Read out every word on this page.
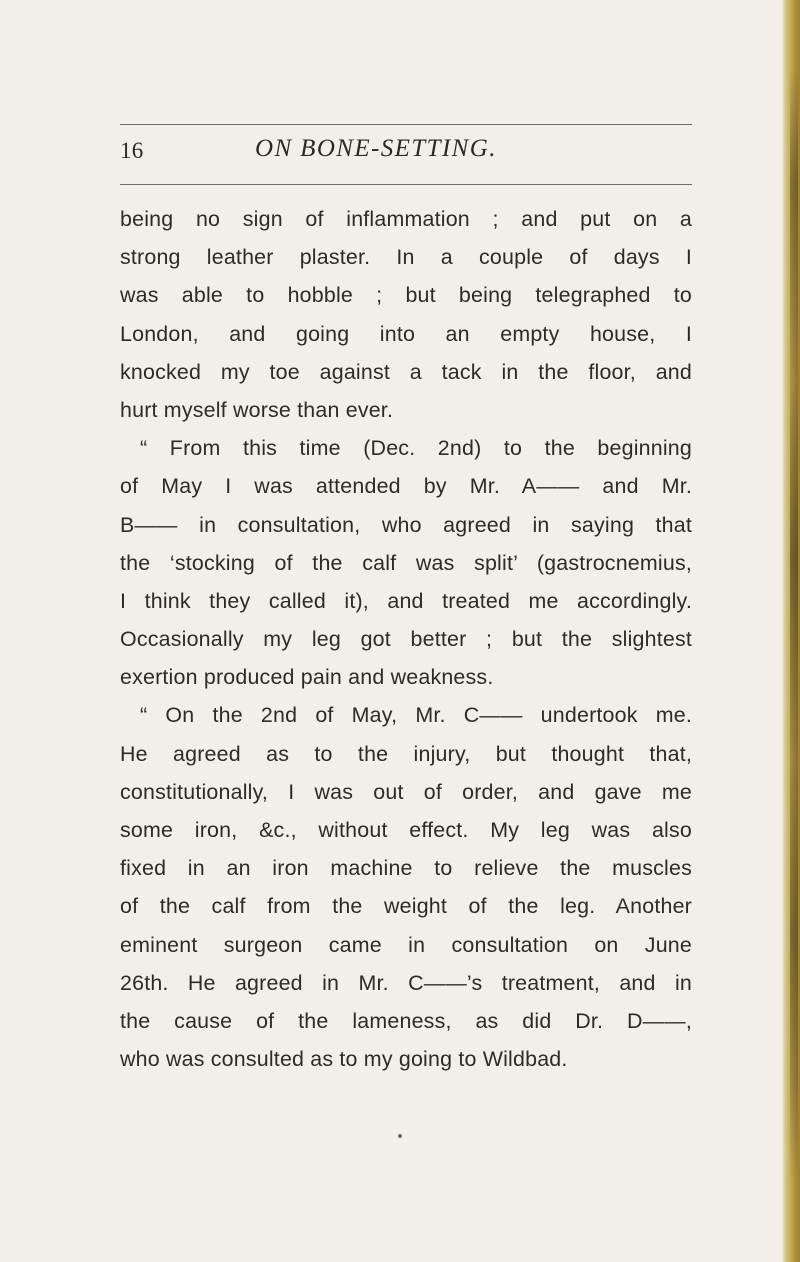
16	ON BONE-SETTING.
being no sign of inflammation ; and put on a
strong leather plaster. In a couple of days I
was able to hobble ; but being telegraphed to
London, and going into an empty house, I
knocked my toe against a tack in the floor, and
hurt myself worse than ever.
“ From this time (Dec. 2nd) to the beginning
of May I was attended by Mr. A—— and Mr.
B—— in consultation, who agreed in saying that
the ‘stocking of the calf was split’ (gastrocnemius,
I think they called it), and treated me accordingly.
Occasionally my leg got better ; but the slightest
exertion produced pain and weakness.
“ On the 2nd of May, Mr. C—— undertook me.
He agreed as to the injury, but thought that,
constitutionally, I was out of order, and gave me
some iron, &c., without effect. My leg was also
fixed in an iron machine to relieve the muscles
of the calf from the weight of the leg. Another
eminent surgeon came in consultation on June
26th. He agreed in Mr. C——’s treatment, and in
the cause of the lameness, as did Dr. D——,
who was consulted as to my going to Wildbad.
